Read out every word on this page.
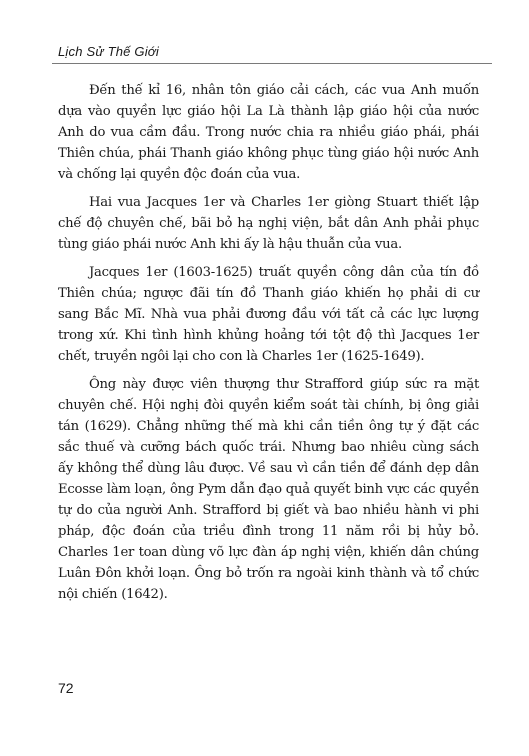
Lịch Sử Thế Giới

Đến thế kỉ 16, nhân tôn giáo cải cách, các vua Anh muốn dựa vào quyền lực giáo hội La Là thành lập giáo hội của nước Anh do vua cầm đầu. Trong nước chia ra nhiều giáo phái, phái Thiên chúa, phái Thanh giáo không phục tùng giáo hội nước Anh và chống lại quyền độc đoán của vua.

Hai vua Jacques 1er và Charles 1er giòng Stuart thiết lập chế độ chuyên chế, bãi bỏ hạ nghị viện, bắt dân Anh phải phục tùng giáo phái nước Anh khi ấy là hậu thuẫn của vua.

Jacques 1er (1603-1625) truất quyền công dân của tín đồ Thiên chúa; ngược đãi tín đồ Thanh giáo khiến họ phải di cư sang Bắc Mĩ. Nhà vua phải đương đầu với tất cả các lực lượng trong xứ. Khi tình hình khủng hoảng tới tột độ thì Jacques 1er chết, truyền ngôi lại cho con là Charles 1er (1625-1649).

Ông này được viên thượng thư Strafford giúp sức ra mặt chuyên chế. Hội nghị đòi quyền kiểm soát tài chính, bị ông giải tán (1629). Chẳng những thế mà khi cần tiền ông tự ý đặt các sắc thuế và cưỡng bách quốc trái. Nhưng bao nhiêu cùng sách ấy không thể dùng lâu được. Về sau vì cần tiền để đánh dẹp dân Ecosse làm loạn, ông Pym dẫn đạo quả quyết binh vực các quyền tự do của người Anh. Strafford bị giết và bao nhiều hành vi phi pháp, độc đoán của triều đình trong 11 năm rồi bị hủy bỏ. Charles 1er toan dùng võ lực đàn áp nghị viện, khiến dân chúng Luân Đôn khởi loạn. Ông bỏ trốn ra ngoài kinh thành và tổ chức nội chiến (1642).

72
